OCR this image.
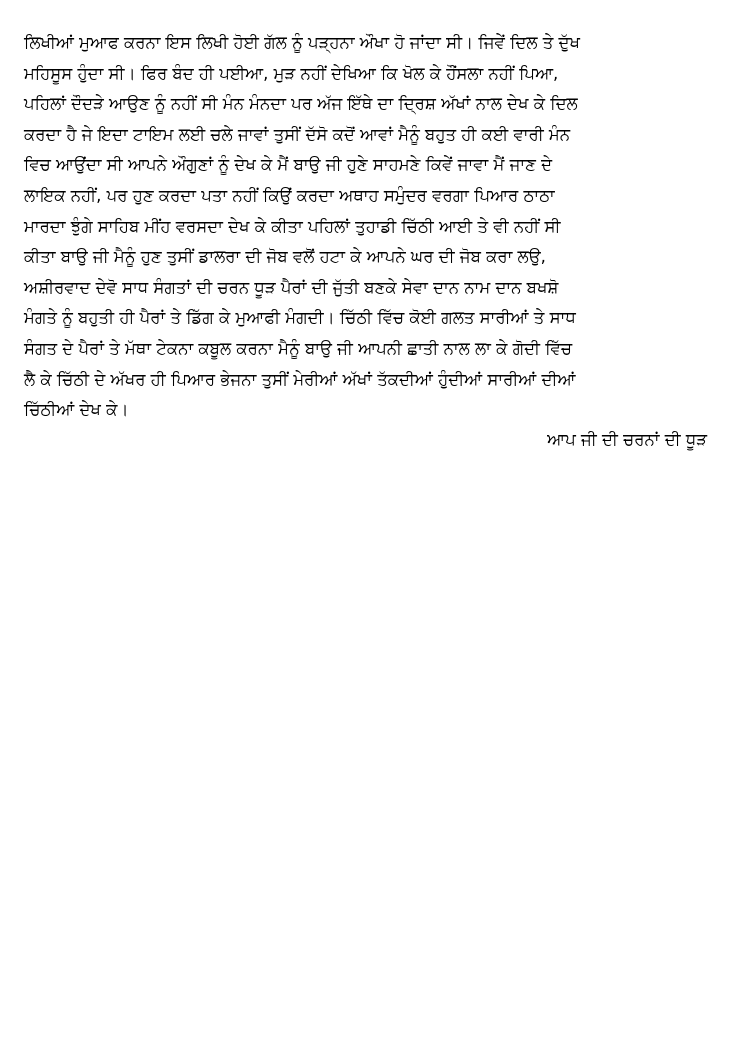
ਲਿਖੀਆਂ ਮੁਆਫ ਕਰਨਾ ਇਸ ਲਿਖੀ ਹੋਈ ਗੱਲ ਨੂੰ ਪੜ੍ਹਨਾ ਔਖਾ ਹੋ ਜਾਂਦਾ ਸੀ। ਜਿਵੇਂ ਦਿਲ ਤੇ ਦੁੱਖ
ਮਹਿਸੂਸ ਹੁੰਦਾ ਸੀ। ਫਿਰ ਬੰਦ ਹੀ ਪਈਆ, ਮੁੜ ਨਹੀਂ ਦੇਖਿਆ ਕਿ ਖੋਲ ਕੇ ਹੌਂਸਲਾ ਨਹੀਂ ਪਿਆ,
ਪਹਿਲਾਂ ਦੌਦੜੇ ਆਉਣ ਨੂੰ ਨਹੀਂ ਸੀ ਮੰਨ ਮੰਨਦਾ ਪਰ ਅੱਜ ਇੱਥੇ ਦਾ ਦ੍ਰਿਸ਼ ਅੱਖਾਂ ਨਾਲ ਦੇਖ ਕੇ ਦਿਲ
ਕਰਦਾ ਹੈ ਜੇ ਇਦਾ ਟਾਇਮ ਲਈ ਚਲੇ ਜਾਵਾਂ ਤੁਸੀਂ ਦੱਸੋ ਕਦੋਂ ਆਵਾਂ ਮੈਨੂੰ ਬਹੁਤ ਹੀ ਕਈ ਵਾਰੀ ਮੰਨ
ਵਿਚ ਆਉਂਦਾ ਸੀ ਆਪਨੇ ਔਗੁਣਾਂ ਨੂੰ ਦੇਖ ਕੇ ਮੈਂ ਬਾਉ ਜੀ ਹੁਣੇ ਸਾਹਮਣੇ ਕਿਵੇਂ ਜਾਵਾ ਮੈਂ ਜਾਣ ਦੇ
ਲਾਇਕ ਨਹੀਂ, ਪਰ ਹੁਣ ਕਰਦਾ ਪਤਾ ਨਹੀਂ ਕਿਉਂ ਕਰਦਾ ਅਥਾਹ ਸਮੁੰਦਰ ਵਰਗਾ ਪਿਆਰ ਠਾਠਾ
ਮਾਰਦਾ ਝੁੰਗੇ ਸਾਹਿਬ ਮੀਂਹ ਵਰਸਦਾ ਦੇਖ ਕੇ ਕੀਤਾ ਪਹਿਲਾਂ ਤੁਹਾਡੀ ਚਿੱਠੀ ਆਈ ਤੇ ਵੀ ਨਹੀਂ ਸੀ
ਕੀਤਾ ਬਾਉ ਜੀ ਮੈਨੂੰ ਹੁਣ ਤੁਸੀਂ ਡਾਲਰਾ ਦੀ ਜੋਬ ਵਲੋਂ ਹਟਾ ਕੇ ਆਪਨੇ ਘਰ ਦੀ ਜੋਬ ਕਰਾ ਲਉ,
ਅਸ਼ੀਰਵਾਦ ਦੇਵੋ ਸਾਧ ਸੰਗਤਾਂ ਦੀ ਚਰਨ ਧੂੜ ਪੈਰਾਂ ਦੀ ਜੁੱਤੀ ਬਣਕੇ ਸੇਵਾ ਦਾਨ ਨਾਮ ਦਾਨ ਬਖਸ਼ੋ
ਮੰਗਤੇ ਨੂੰ ਬਹੁਤੀ ਹੀ ਪੈਰਾਂ ਤੇ ਡਿੱਗ ਕੇ ਮੁਆਫੀ ਮੰਗਦੀ। ਚਿੱਠੀ ਵਿੱਚ ਕੋਈ ਗਲਤ ਸਾਰੀਆਂ ਤੇ ਸਾਧ
ਸੰਗਤ ਦੇ ਪੈਰਾਂ ਤੇ ਮੱਥਾ ਟੇਕਨਾ ਕਬੂਲ ਕਰਨਾ ਮੈਨੂੰ ਬਾਉ ਜੀ ਆਪਨੀ ਛਾਤੀ ਨਾਲ ਲਾ ਕੇ ਗੋਦੀ ਵਿੱਚ
ਲੈ ਕੇ ਚਿੱਠੀ ਦੇ ਅੱਖਰ ਹੀ ਪਿਆਰ ਭੇਜਨਾ ਤੁਸੀਂ ਮੇਰੀਆਂ ਅੱਖਾਂ ਤੱਕਦੀਆਂ ਹੁੰਦੀਆਂ ਸਾਰੀਆਂ ਦੀਆਂ
ਚਿੱਠੀਆਂ ਦੇਖ ਕੇ।
ਆਪ ਜੀ ਦੀ ਚਰਨਾਂ ਦੀ ਧੂੜ
